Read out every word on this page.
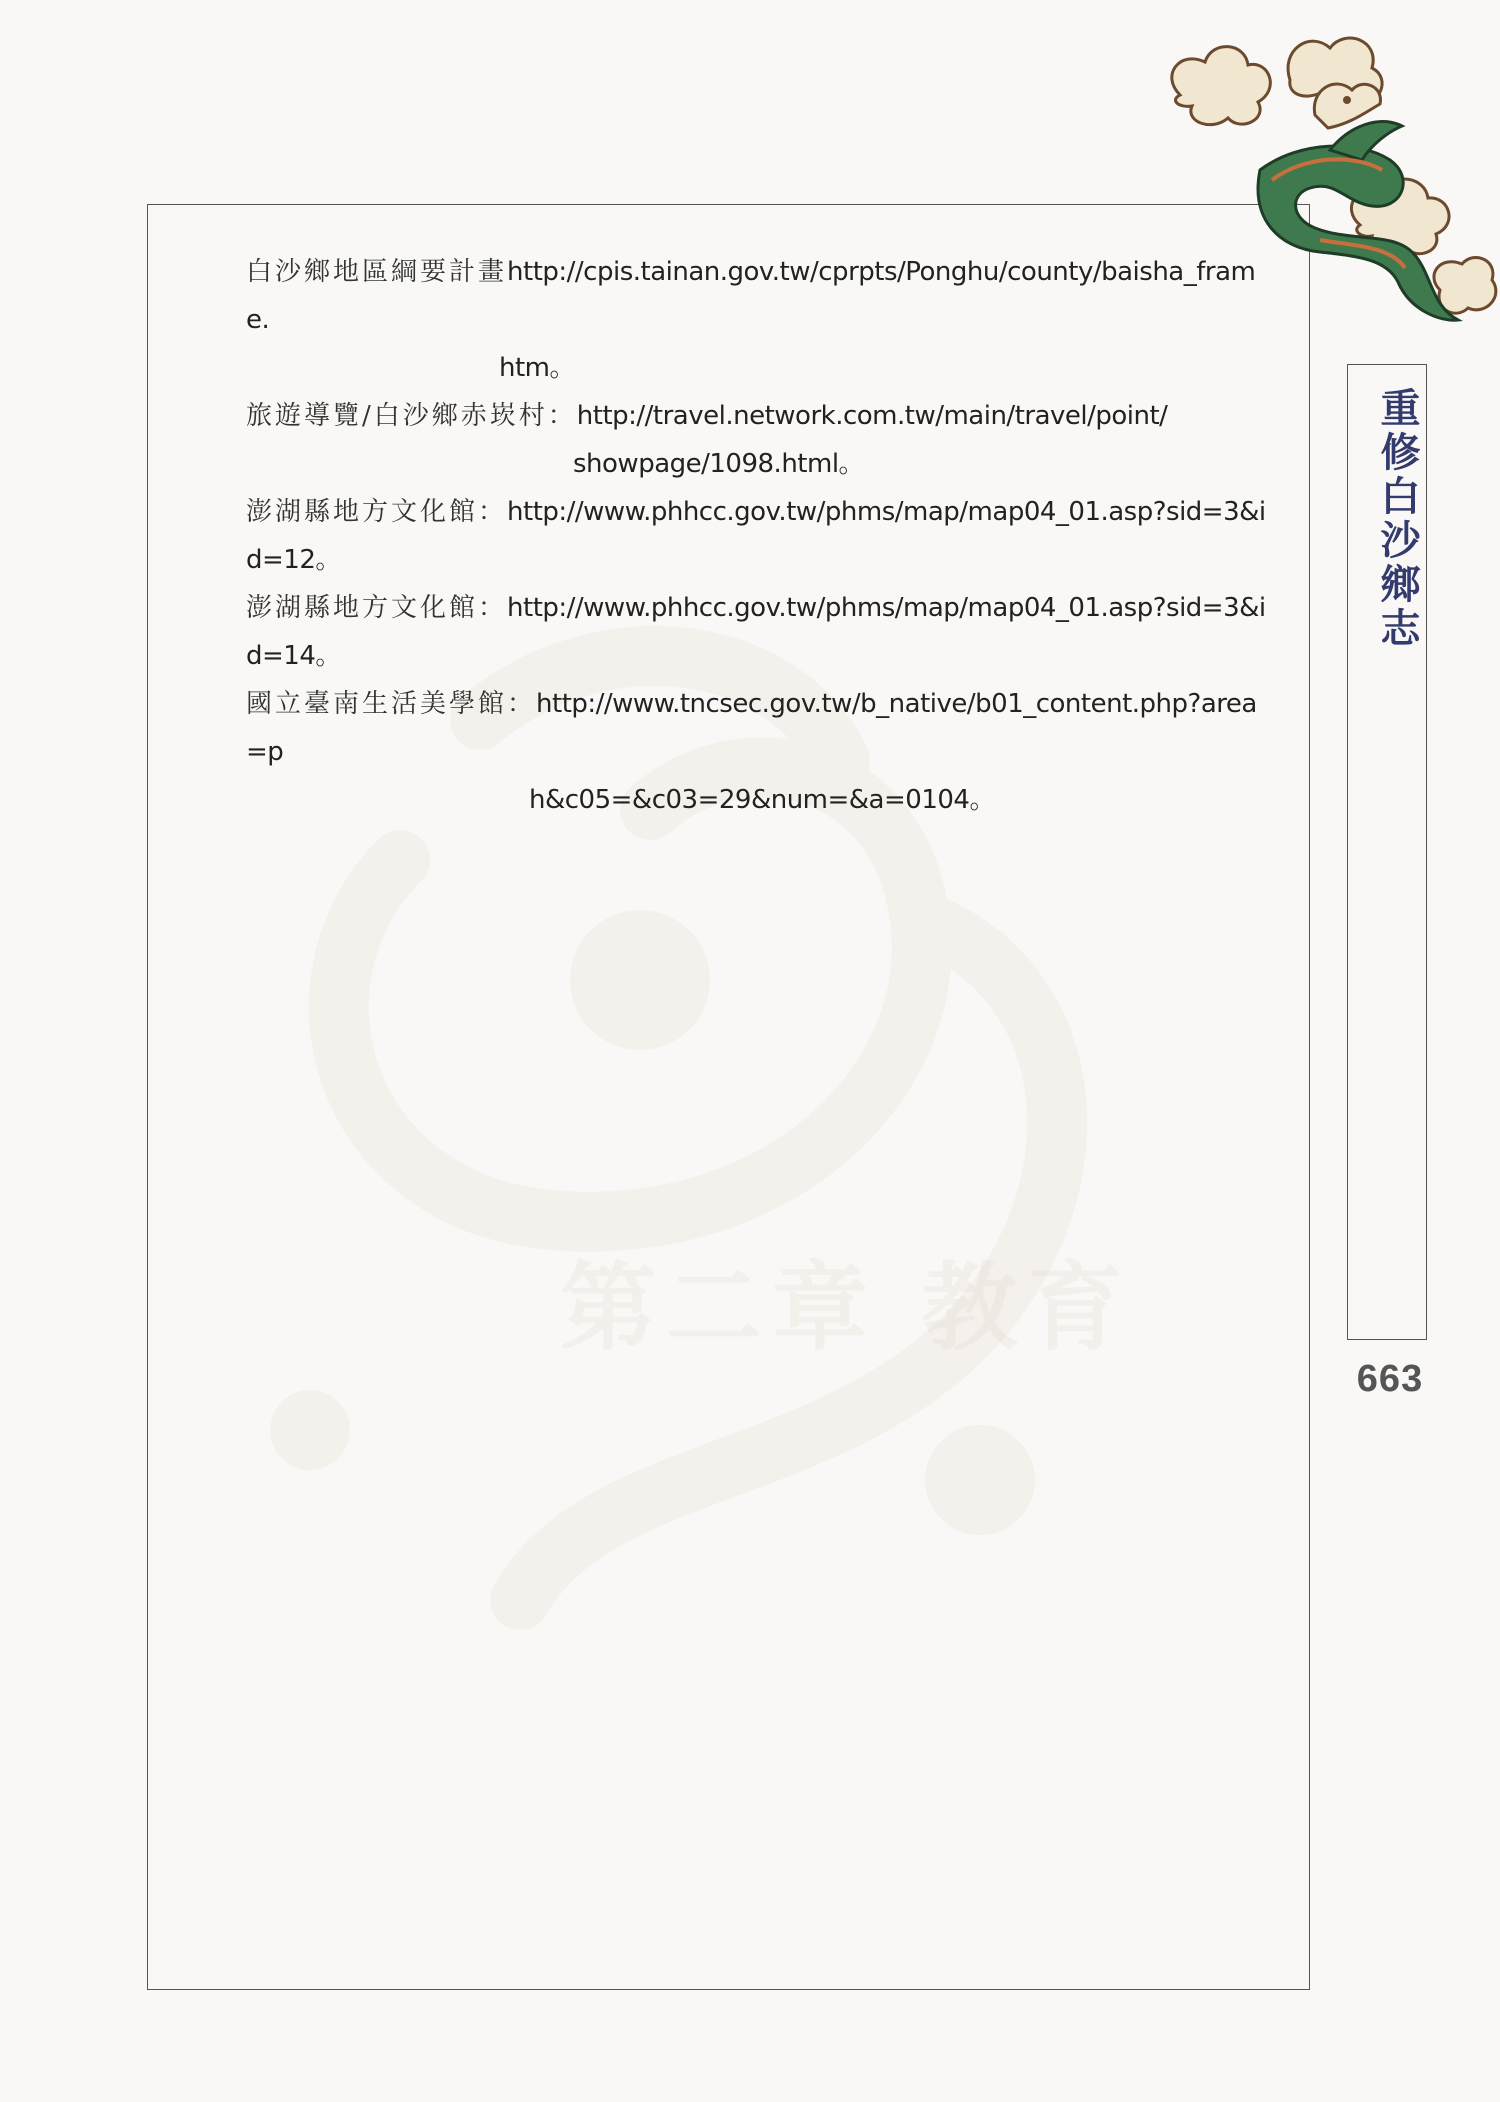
第二章 教育
白沙鄉地區綱要計畫http://cpis.tainan.gov.tw/cprpts/Ponghu/county/baisha_frame.
htm。
旅遊導覽/白沙鄉赤崁村：http://travel.network.com.tw/main/travel/point/
showpage/1098.html。
澎湖縣地方文化館：http://www.phhcc.gov.tw/phms/map/map04_01.asp?sid=3&id=12。
澎湖縣地方文化館：http://www.phhcc.gov.tw/phms/map/map04_01.asp?sid=3&id=14。
國立臺南生活美學館：http://www.tncsec.gov.tw/b_native/b01_content.php?area=p
h&c05=&c03=29&num=&a=0104。
重修白沙鄉志
663
